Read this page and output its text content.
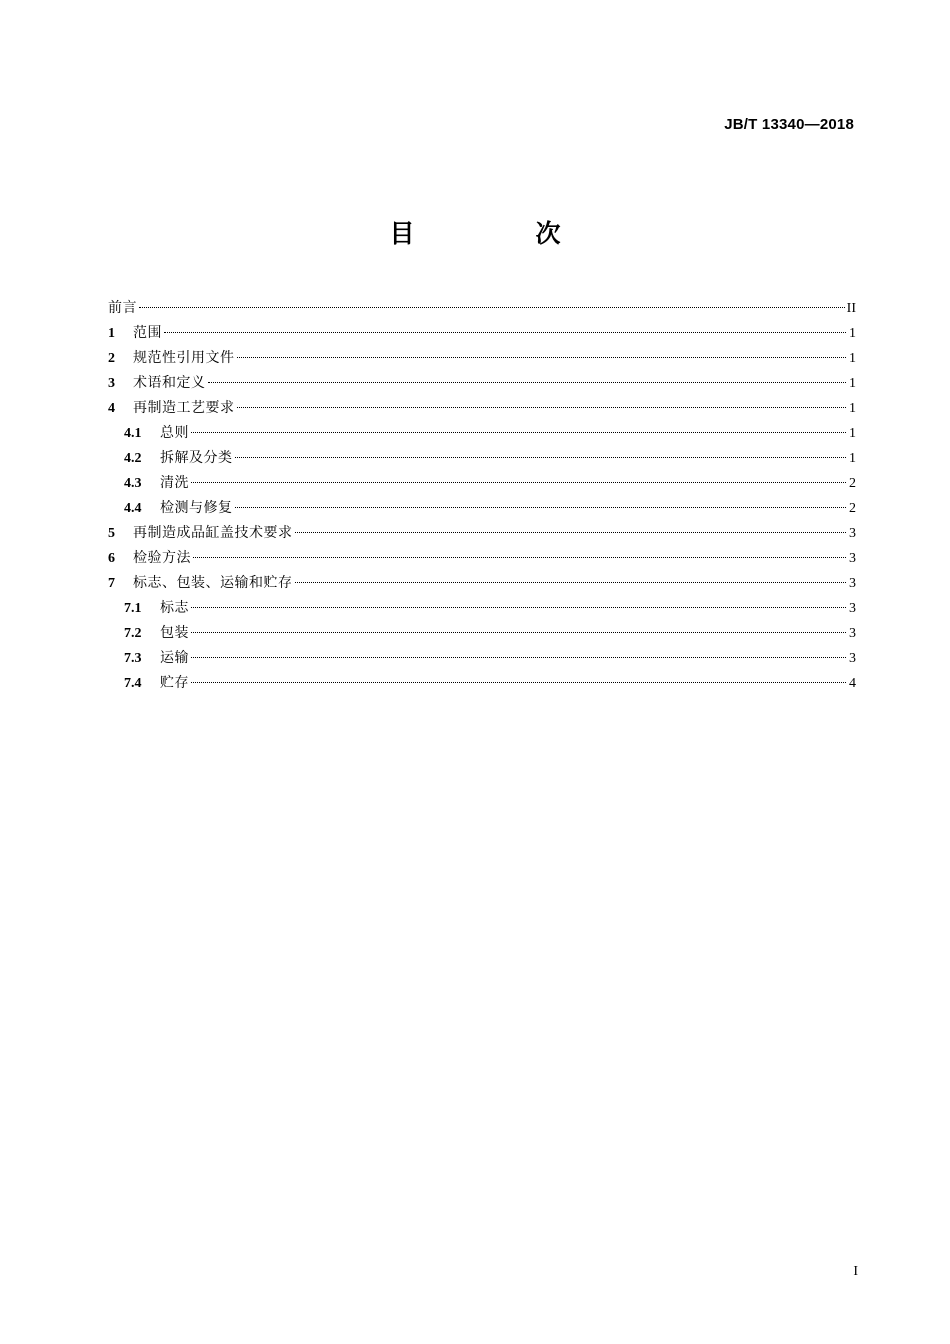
JB/T 13340—2018
目　次
前言	II
1	范围	1
2	规范性引用文件	1
3	术语和定义	1
4	再制造工艺要求	1
4.1	总则	1
4.2	拆解及分类	1
4.3	清洗	2
4.4	检测与修复	2
5	再制造成品缸盖技术要求	3
6	检验方法	3
7	标志、包装、运输和贮存	3
7.1	标志	3
7.2	包装	3
7.3	运输	3
7.4	贮存	4
I
